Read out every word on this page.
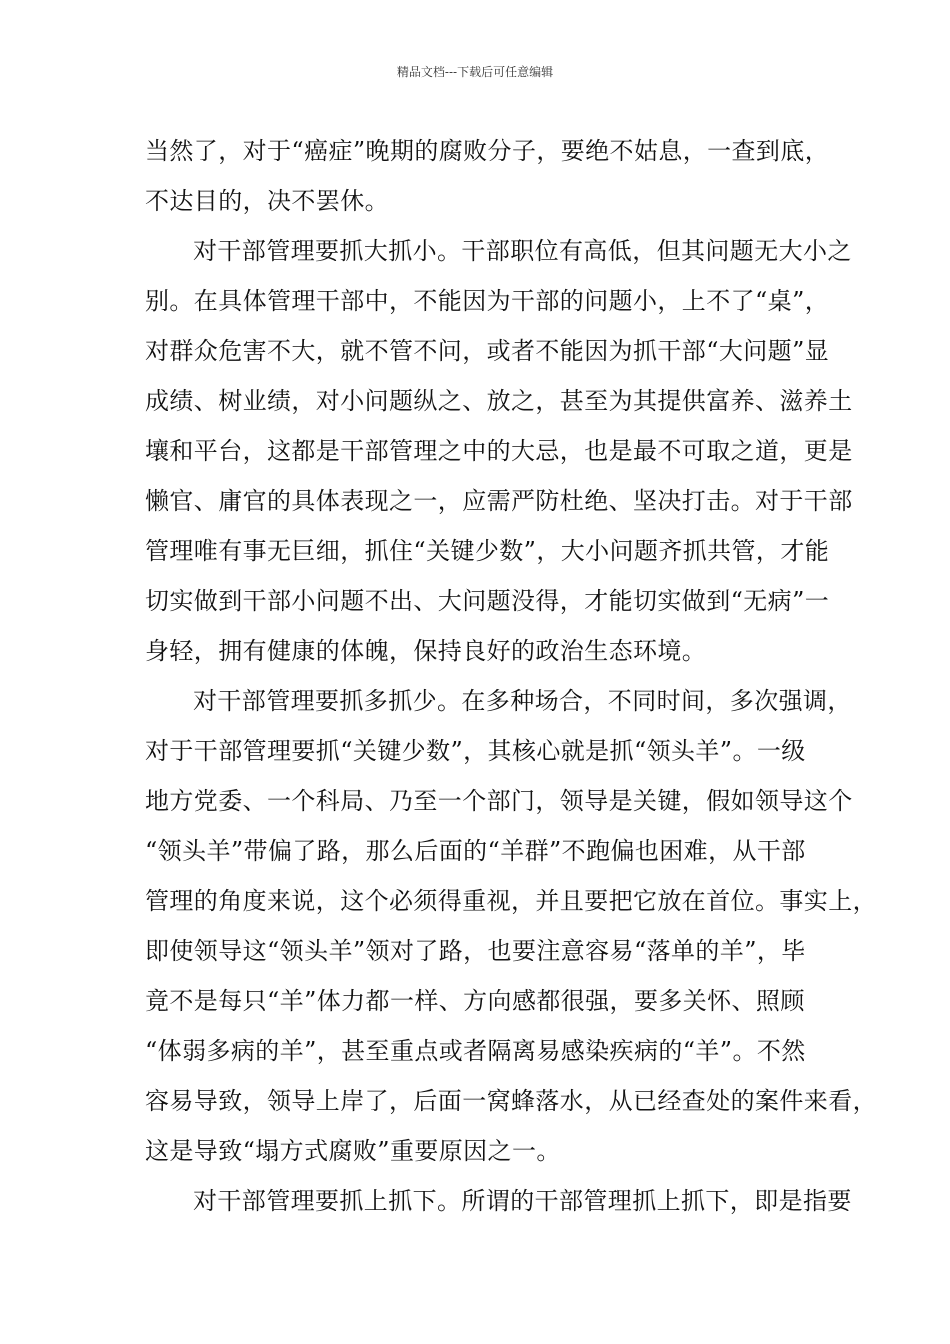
精品文档---下载后可任意编辑
当然了，对于“癌症”晚期的腐败分子，要绝不姑息，一查到底，
不达目的，决不罢休。
对干部管理要抓大抓小。干部职位有高低，但其问题无大小之
别。在具体管理干部中，不能因为干部的问题小，上不了“桌”，
对群众危害不大，就不管不问，或者不能因为抓干部“大问题”显
成绩、树业绩，对小问题纵之、放之，甚至为其提供富养、滋养土
壤和平台，这都是干部管理之中的大忌，也是最不可取之道，更是
懒官、庸官的具体表现之一，应需严防杜绝、坚决打击。对于干部
管理唯有事无巨细，抓住“关键少数”，大小问题齐抓共管，才能
切实做到干部小问题不出、大问题没得，才能切实做到“无病”一
身轻，拥有健康的体魄，保持良好的政治生态环境。
对干部管理要抓多抓少。在多种场合，不同时间，多次强调，
对于干部管理要抓“关键少数”，其核心就是抓“领头羊”。一级
地方党委、一个科局、乃至一个部门，领导是关键，假如领导这个
“领头羊”带偏了路，那么后面的“羊群”不跑偏也困难，从干部
管理的角度来说，这个必须得重视，并且要把它放在首位。事实上，
即使领导这“领头羊”领对了路，也要注意容易“落单的羊”，毕
竟不是每只“羊”体力都一样、方向感都很强，要多关怀、照顾
“体弱多病的羊”，甚至重点或者隔离易感染疾病的“羊”。不然
容易导致，领导上岸了，后面一窝蜂落水，从已经查处的案件来看，
这是导致“塌方式腐败”重要原因之一。
对干部管理要抓上抓下。所谓的干部管理抓上抓下，即是指要
